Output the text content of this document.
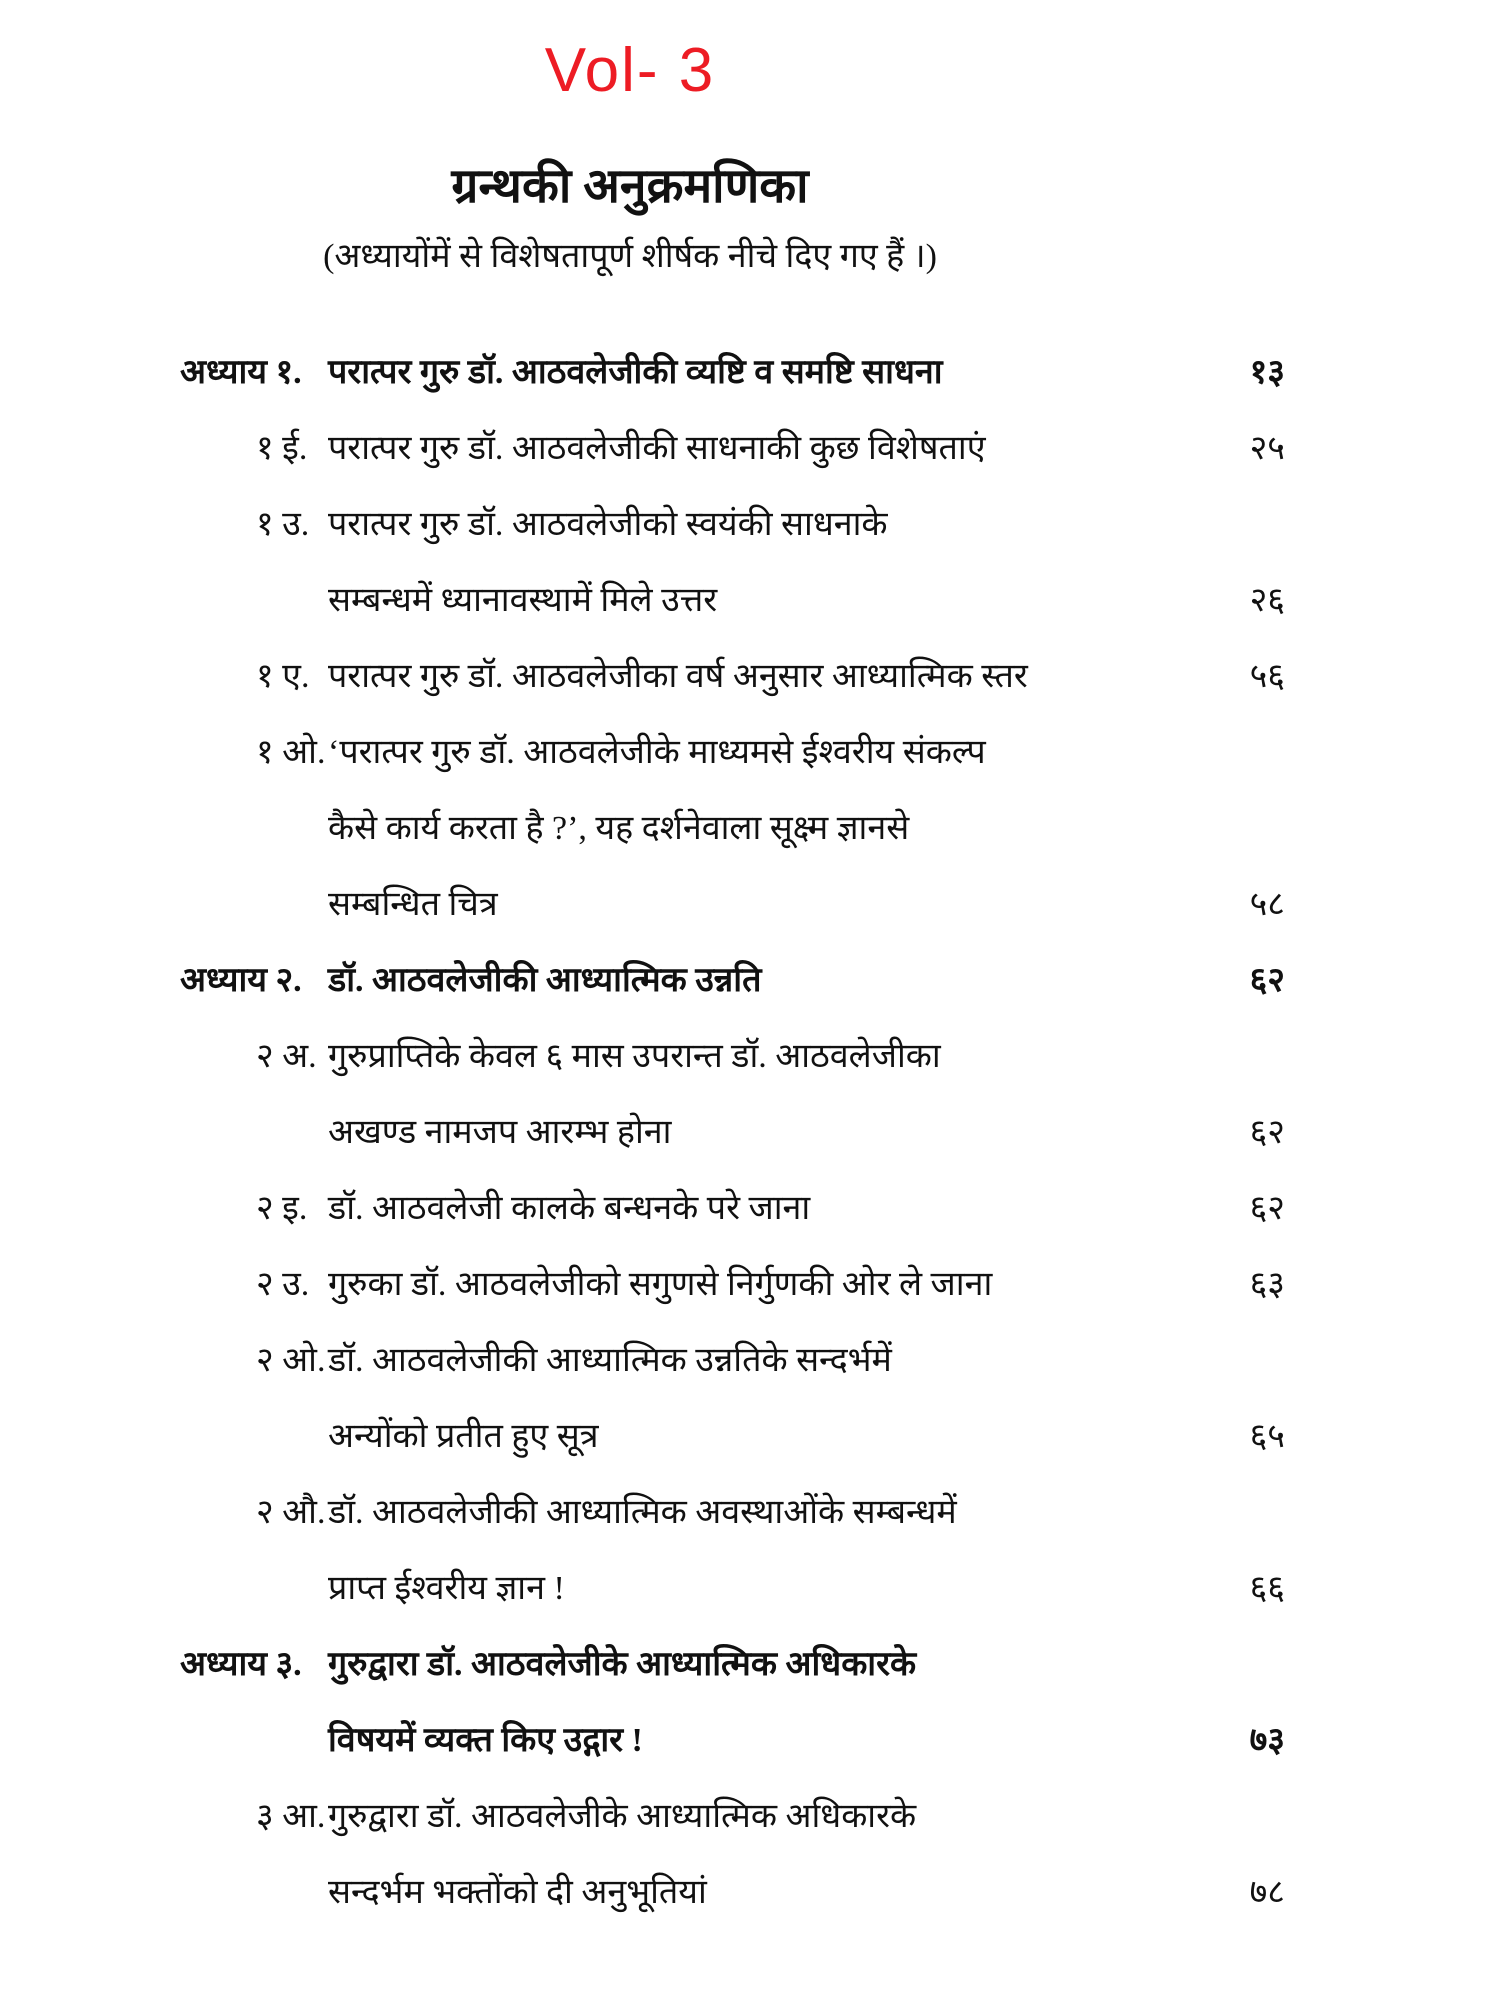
Vol- 3
ग्रन्थकी अनुक्रमणिका
(अध्यायोंमें से विशेषतापूर्ण शीर्षक नीचे दिए गए हैं ।)
अध्याय १. परात्पर गुरु डॉ. आठवलेजीकी व्यष्टि व समष्टि साधना	१३
१ ई. परात्पर गुरु डॉ. आठवलेजीकी साधनाकी कुछ विशेषताएं	२५
१ उ. परात्पर गुरु डॉ. आठवलेजीको स्वयंकी साधनाके
सम्बन्धमें ध्यानावस्थामें मिले उत्तर	२६
१ ए. परात्पर गुरु डॉ. आठवलेजीका वर्ष अनुसार आध्यात्मिक स्तर	५६
१ ओ. ‘परात्पर गुरु डॉ. आठवलेजीके माध्यमसे ईश्वरीय संकल्प
कैसे कार्य करता है ?’, यह दर्शनेवाला सूक्ष्म ज्ञानसे
सम्बन्धित चित्र	५८
अध्याय २. डॉ. आठवलेजीकी आध्यात्मिक उन्नति	६२
२ अ. गुरुप्राप्तिके केवल ६ मास उपरान्त डॉ. आठवलेजीका
अखण्ड नामजप आरम्भ होना	६२
२ इ. डॉ. आठवलेजी कालके बन्धनके परे जाना	६२
२ उ. गुरुका डॉ. आठवलेजीको सगुणसे निर्गुणकी ओर ले जाना	६३
२ ओ. डॉ. आठवलेजीकी आध्यात्मिक उन्नतिके सन्दर्भमें
अन्योंको प्रतीत हुए सूत्र	६५
२ औ. डॉ. आठवलेजीकी आध्यात्मिक अवस्थाओंके सम्बन्धमें
प्राप्त ईश्वरीय ज्ञान !	६६
अध्याय ३. गुरुद्वारा डॉ. आठवलेजीके आध्यात्मिक अधिकारके
विषयमें व्यक्त किए उद्गार !	७३
३ आ. गुरुद्वारा डॉ. आठवलेजीके आध्यात्मिक अधिकारके
सन्दर्भम भक्तोंको दी अनुभूतियां	७८
